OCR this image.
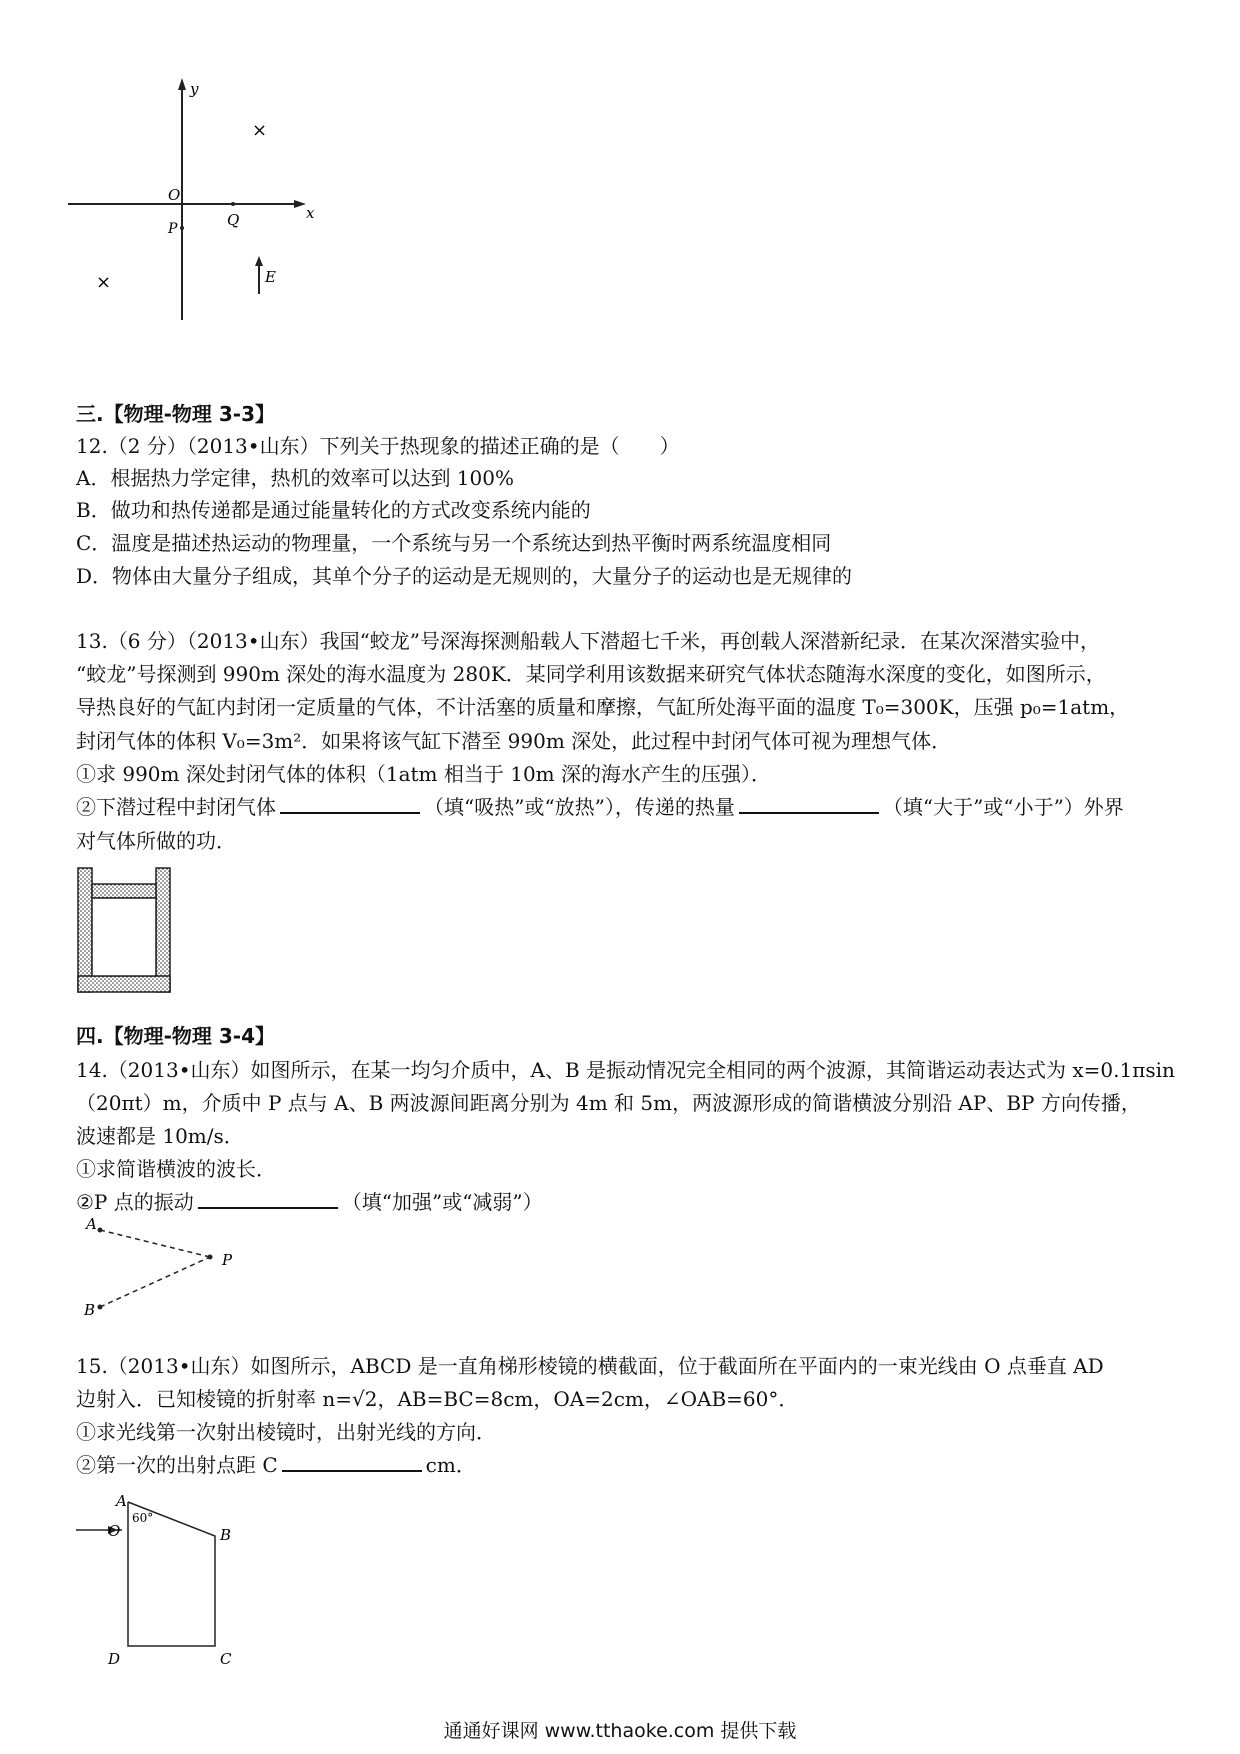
y
x
O
Q
P
×
×	E
三.【物理-物理 3-3】
12.（2 分）（2013•山东）下列关于热现象的描述正确的是（　　）
A．根据热力学定律，热机的效率可以达到 100%
B．做功和热传递都是通过能量转化的方式改变系统内能的
C．温度是描述热运动的物理量，一个系统与另一个系统达到热平衡时两系统温度相同
D．物体由大量分子组成，其单个分子的运动是无规则的，大量分子的运动也是无规律的
13.（6 分）（2013•山东）我国“蛟龙”号深海探测船载人下潜超七千米，再创载人深潜新纪录．在某次深潜实验中，
“蛟龙”号探测到 990m 深处的海水温度为 280K．某同学利用该数据来研究气体状态随海水深度的变化，如图所示，
导热良好的气缸内封闭一定质量的气体，不计活塞的质量和摩擦，气缸所处海平面的温度 T₀=300K，压强 p₀=1atm，
封闭气体的体积 V₀=3m²．如果将该气缸下潜至 990m 深处，此过程中封闭气体可视为理想气体．
①求 990m 深处封闭气体的体积（1atm 相当于 10m 深的海水产生的压强）．
②下潜过程中封闭气体	（填“吸热”或“放热”），传递的热量	（填“大于”或“小于”）外界
对气体所做的功．
四.【物理-物理 3-4】
14.（2013•山东）如图所示，在某一均匀介质中，A、B 是振动情况完全相同的两个波源，其简谐运动表达式为 x=0.1πsin
（20πt）m，介质中 P 点与 A、B 两波源间距离分别为 4m 和 5m，两波源形成的简谐横波分别沿 AP、BP 方向传播，
波速都是 10m/s．
①求简谐横波的波长．
②P 点的振动	（填“加强”或“减弱”）
A
B
P
15.（2013•山东）如图所示，ABCD 是一直角梯形棱镜的横截面，位于截面所在平面内的一束光线由 O 点垂直 AD
边射入．已知棱镜的折射率 n=√2，AB=BC=8cm，OA=2cm，∠OAB=60°．
①求光线第一次射出棱镜时，出射光线的方向．
②第一次的出射点距 C	cm．
A
O
60°
B
C
D
通通好课网 www.tthaoke.com 提供下载
